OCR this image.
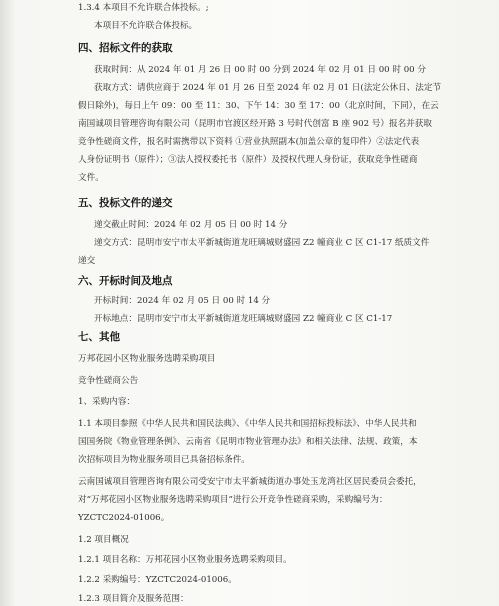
1.3.4 本项目不允许联合体投标。;
本项目不允许联合体投标。
四、招标文件的获取
获取时间：从 2024 年 01 月 26 日 00 时 00 分到 2024 年 02 月 01 日 00 时 00 分
获取方式：请供应商于 2024 年 01 月 26 日至 2024 年 02 月 01 日(法定公休日、法定节
假日除外)，每日上午 09：00 至 11：30、下午 14：30 至 17：00（北京时间，下同），在云
南国诚项目管理咨询有限公司（昆明市官渡区经开路 3 号时代创富 B 座 902 号）报名并获取
竞争性磋商文件，报名时需携带以下资料 ①营业执照副本(加盖公章的复印件）②法定代表
人身份证明书（原件）；③法人授权委托书（原件）及授权代理人身份证，获取竞争性磋商
文件。
五、投标文件的递交
递交截止时间：2024 年 02 月 05 日 00 时 14 分
递交方式：昆明市安宁市太平新城街道龙旺璃城财盛园 Z2 幢商业 C 区 C1-17 纸质文件
递交
六、开标时间及地点
开标时间：2024 年 02 月 05 日 00 时 14 分
开标地点：昆明市安宁市太平新城街道龙旺璃城财盛园 Z2 幢商业 C 区 C1-17
七、其他
万邦花园小区物业服务选聘采购项目
竞争性磋商公告
1、采购内容：
1.1 本项目参照《中华人民共和国民法典》、《中华人民共和国招标投标法》、中华人民共和
国国务院《物业管理条例》、云南省《昆明市物业管理办法》和相关法律、法规、政策，本
次招标项目为物业服务项目已具备招标条件。
云南国诚项目管理咨询有限公司受安宁市太平新城街道办事处玉龙湾社区居民委员会委托，
对“万邦花园小区物业服务选聘采购项目”进行公开竞争性磋商采购，采购编号为：
YZCTC2024-01006。
1.2 项目概况
1.2.1 项目名称：万邦花园小区物业服务选聘采购项目。
1.2.2 采购编号：YZCTC2024-01006。
1.2.3 项目简介及服务范围：
